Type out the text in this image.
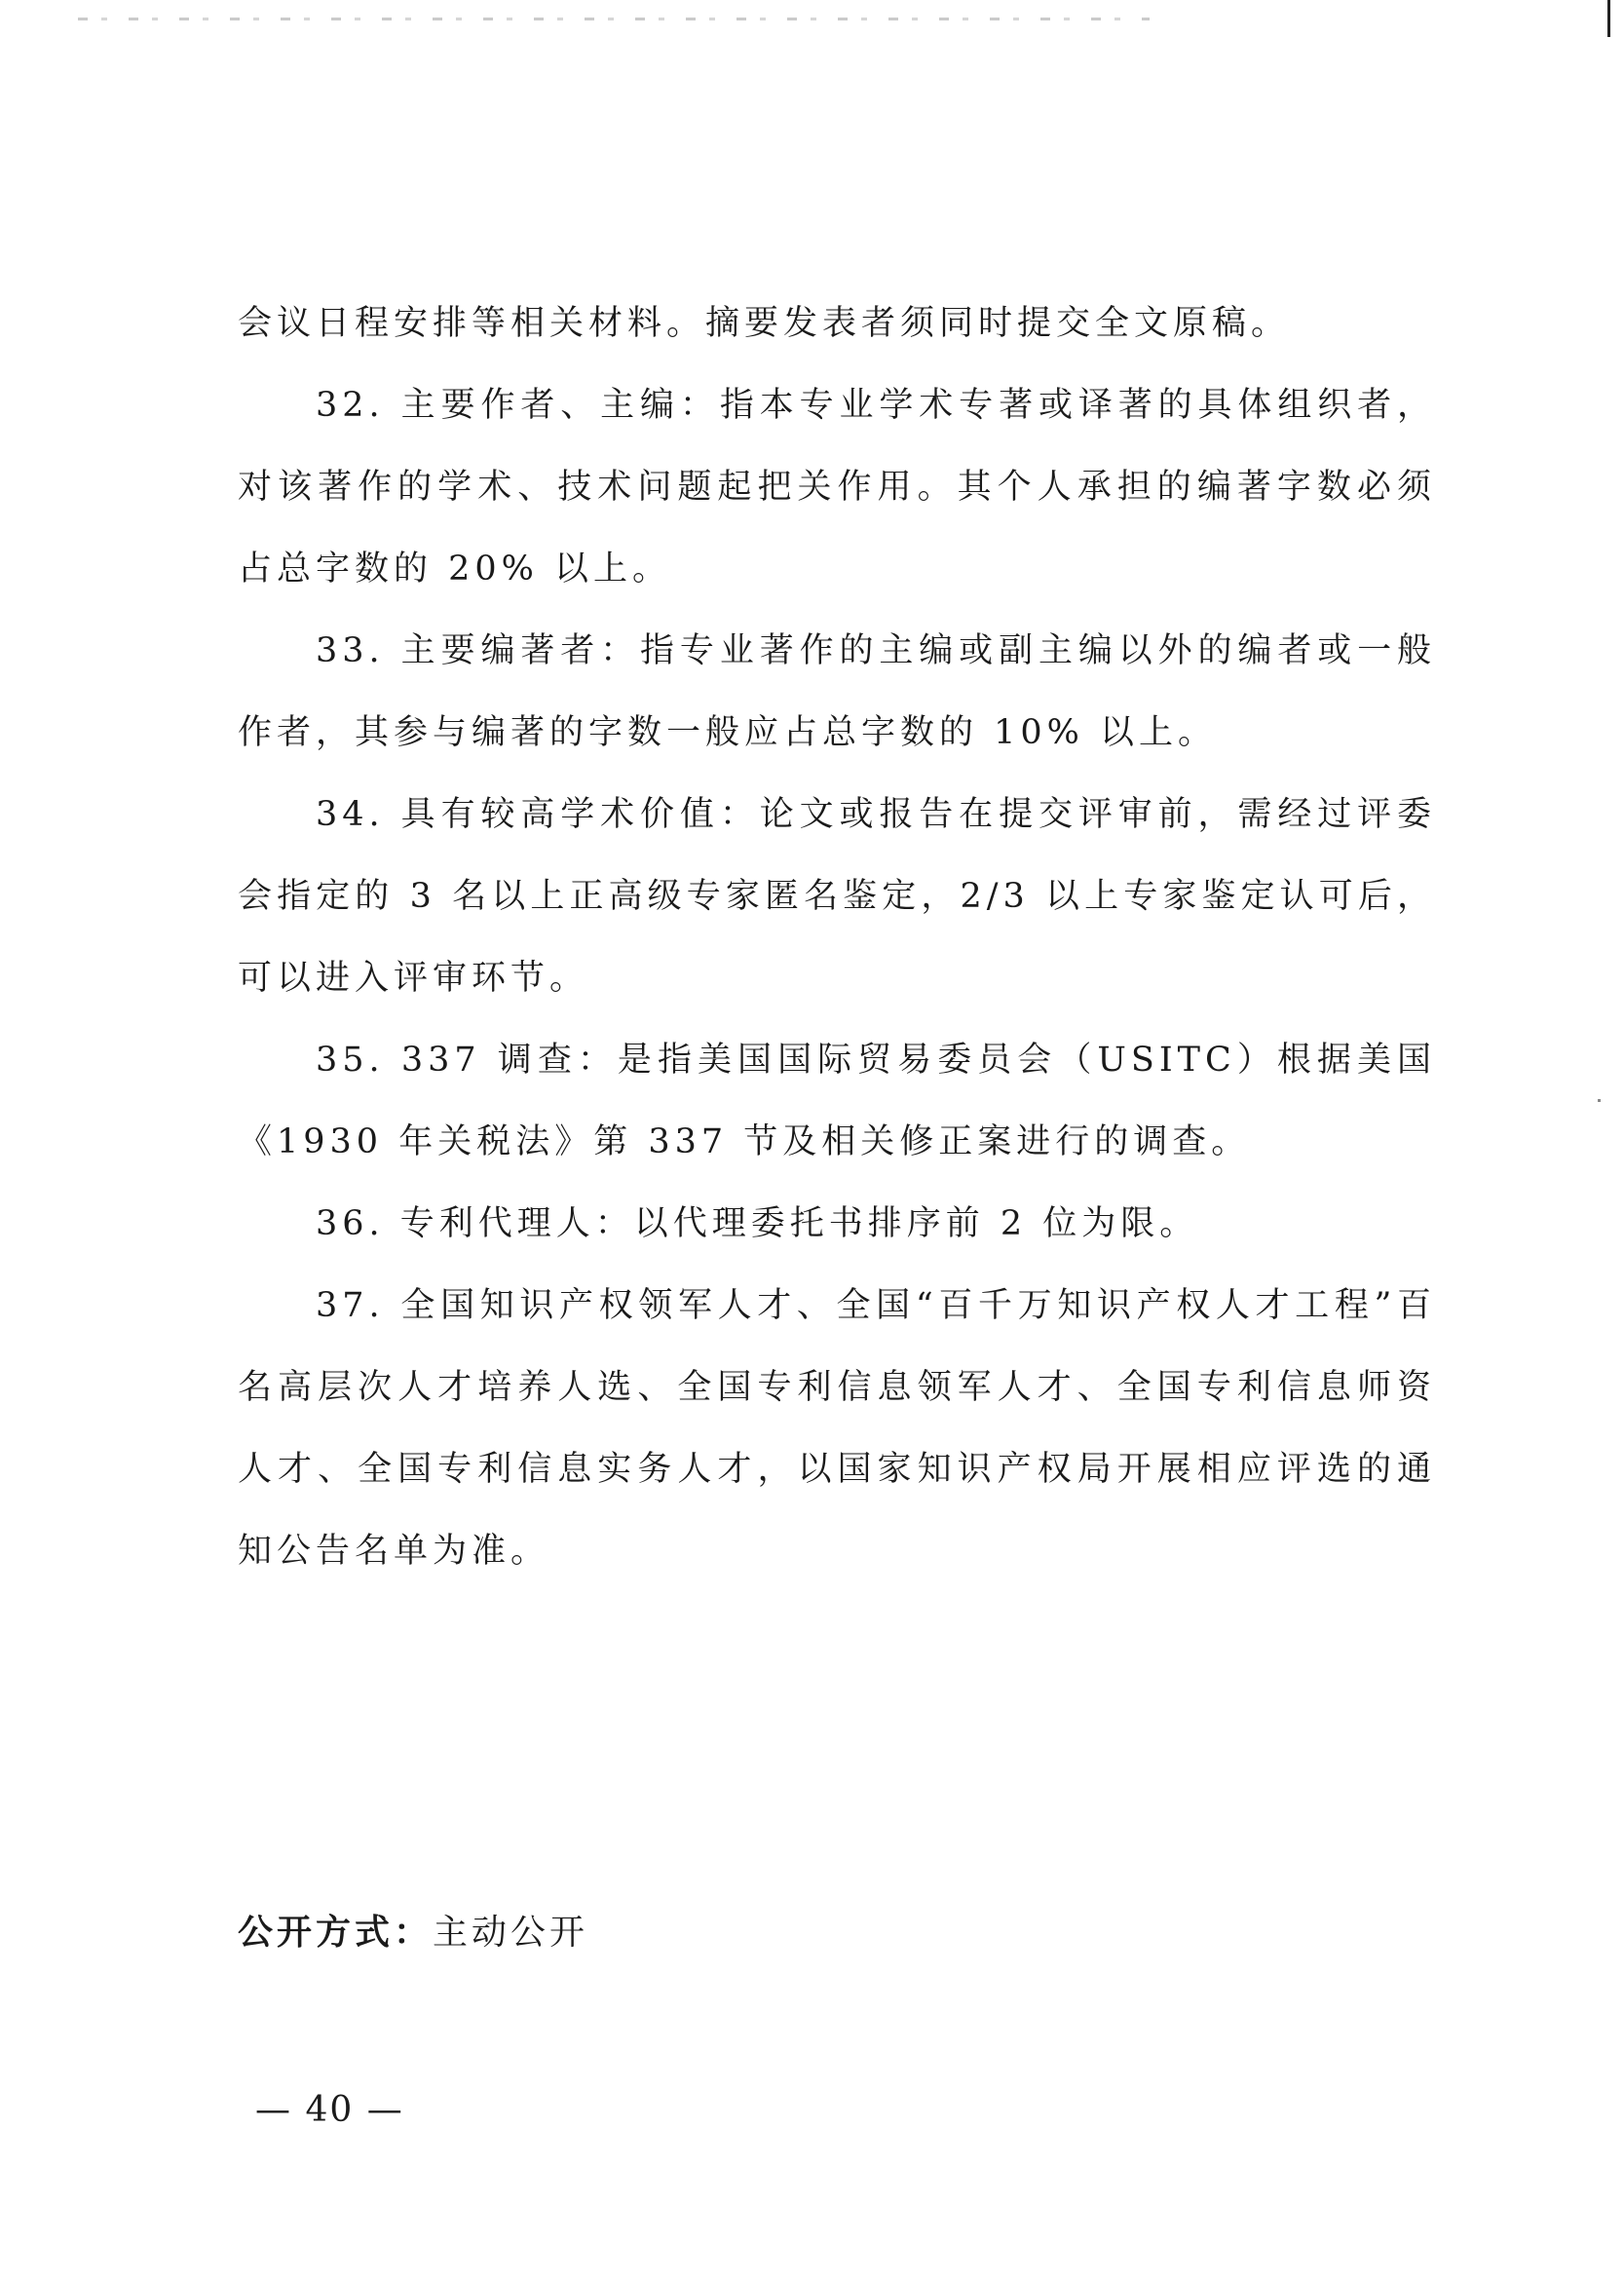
会议日程安排等相关材料。摘要发表者须同时提交全文原稿。

32. 主要作者、主编：指本专业学术专著或译著的具体组织者，对该著作的学术、技术问题起把关作用。其个人承担的编著字数必须占总字数的 20% 以上。

33. 主要编著者：指专业著作的主编或副主编以外的编者或一般作者，其参与编著的字数一般应占总字数的 10% 以上。

34. 具有较高学术价值：论文或报告在提交评审前，需经过评委会指定的 3 名以上正高级专家匿名鉴定，2/3 以上专家鉴定认可后，可以进入评审环节。

35. 337 调查：是指美国国际贸易委员会（USITC）根据美国《1930 年关税法》第 337 节及相关修正案进行的调查。

36. 专利代理人：以代理委托书排序前 2 位为限。

37. 全国知识产权领军人才、全国“百千万知识产权人才工程”百名高层次人才培养人选、全国专利信息领军人才、全国专利信息师资人才、全国专利信息实务人才，以国家知识产权局开展相应评选的通知公告名单为准。

公开方式：主动公开
— 40 —
